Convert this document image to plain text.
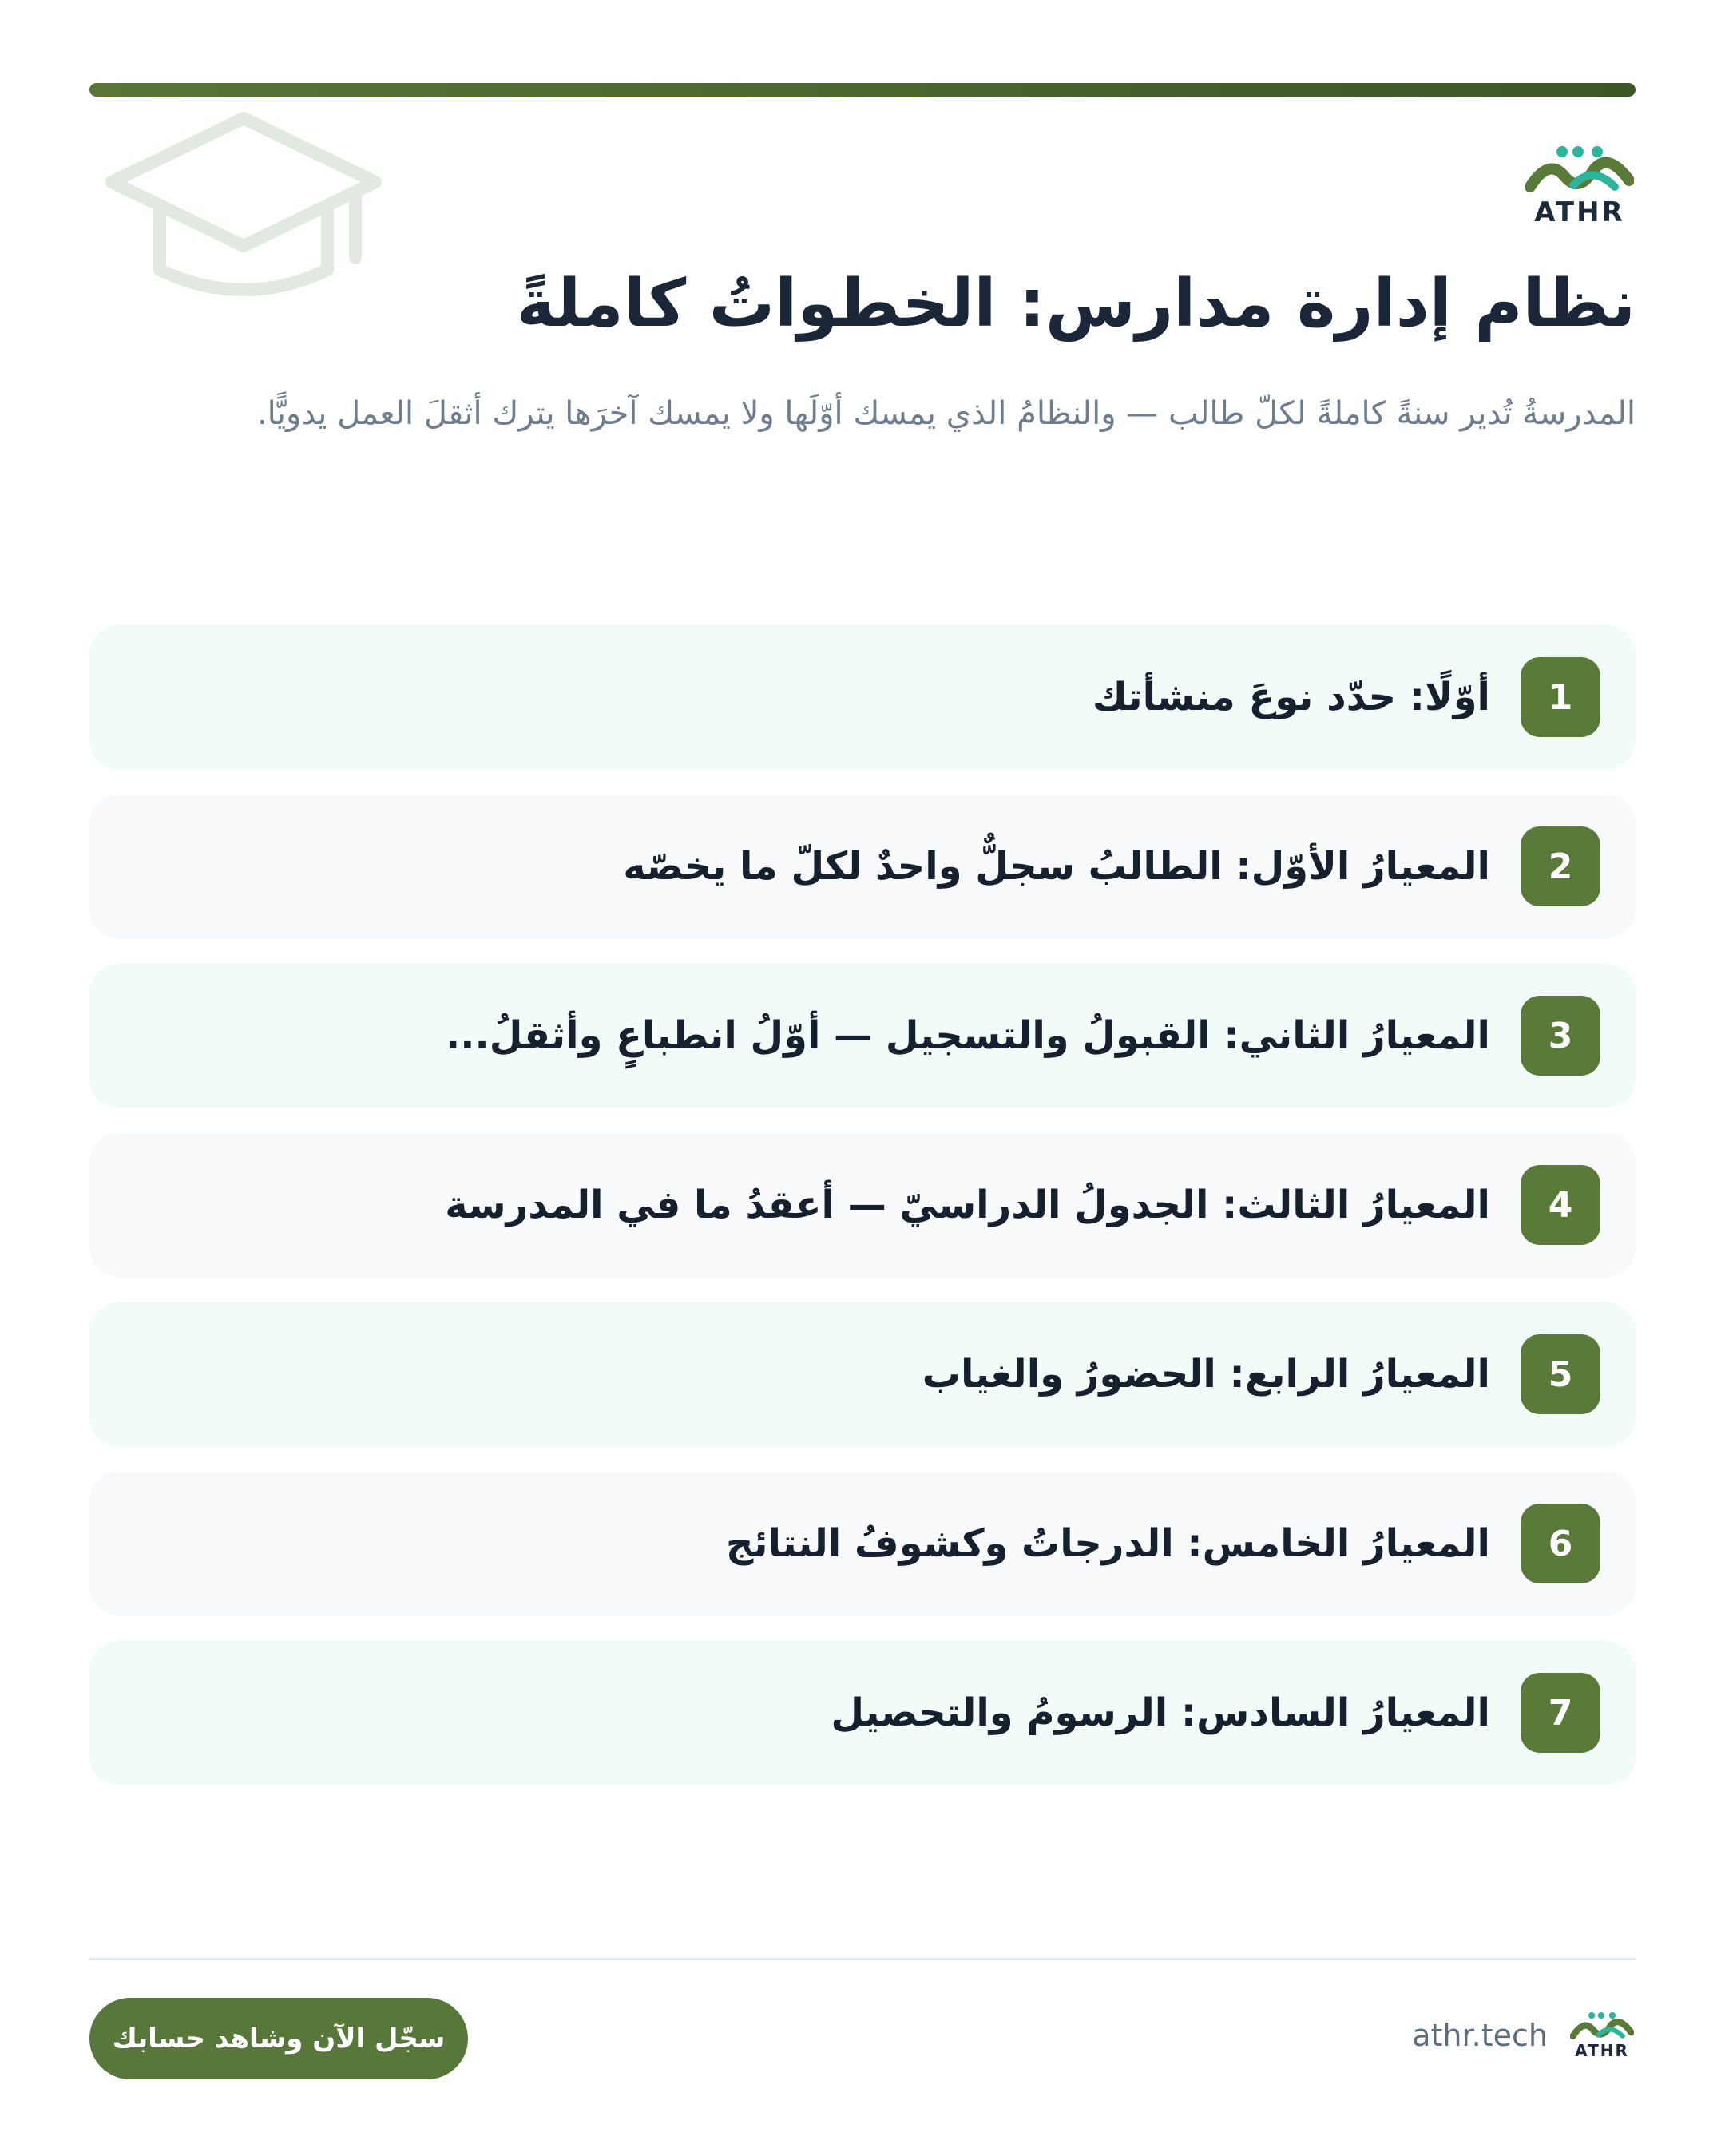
ATHR
نظام إدارة مدارس: الخطواتُ كاملةً

المدرسةُ تُدير سنةً كاملةً لكلّ طالب — والنظامُ الذي يمسك أوّلَها ولا يمسك آخرَها يترك أثقلَ العمل يدويًّا.

1
أوّلًا: حدّد نوعَ منشأتك
2
المعيارُ الأوّل: الطالبُ سجلٌّ واحدٌ لكلّ ما يخصّه
3
المعيارُ الثاني: القبولُ والتسجيل — أوّلُ انطباعٍ وأثقلُ...
4
المعيارُ الثالث: الجدولُ الدراسيّ — أعقدُ ما في المدرسة
5
المعيارُ الرابع: الحضورُ والغياب
6
المعيارُ الخامس: الدرجاتُ وكشوفُ النتائج
7
المعيارُ السادس: الرسومُ والتحصيل
سجّل الآن وشاهد حسابك	athr.tech	ATHR
